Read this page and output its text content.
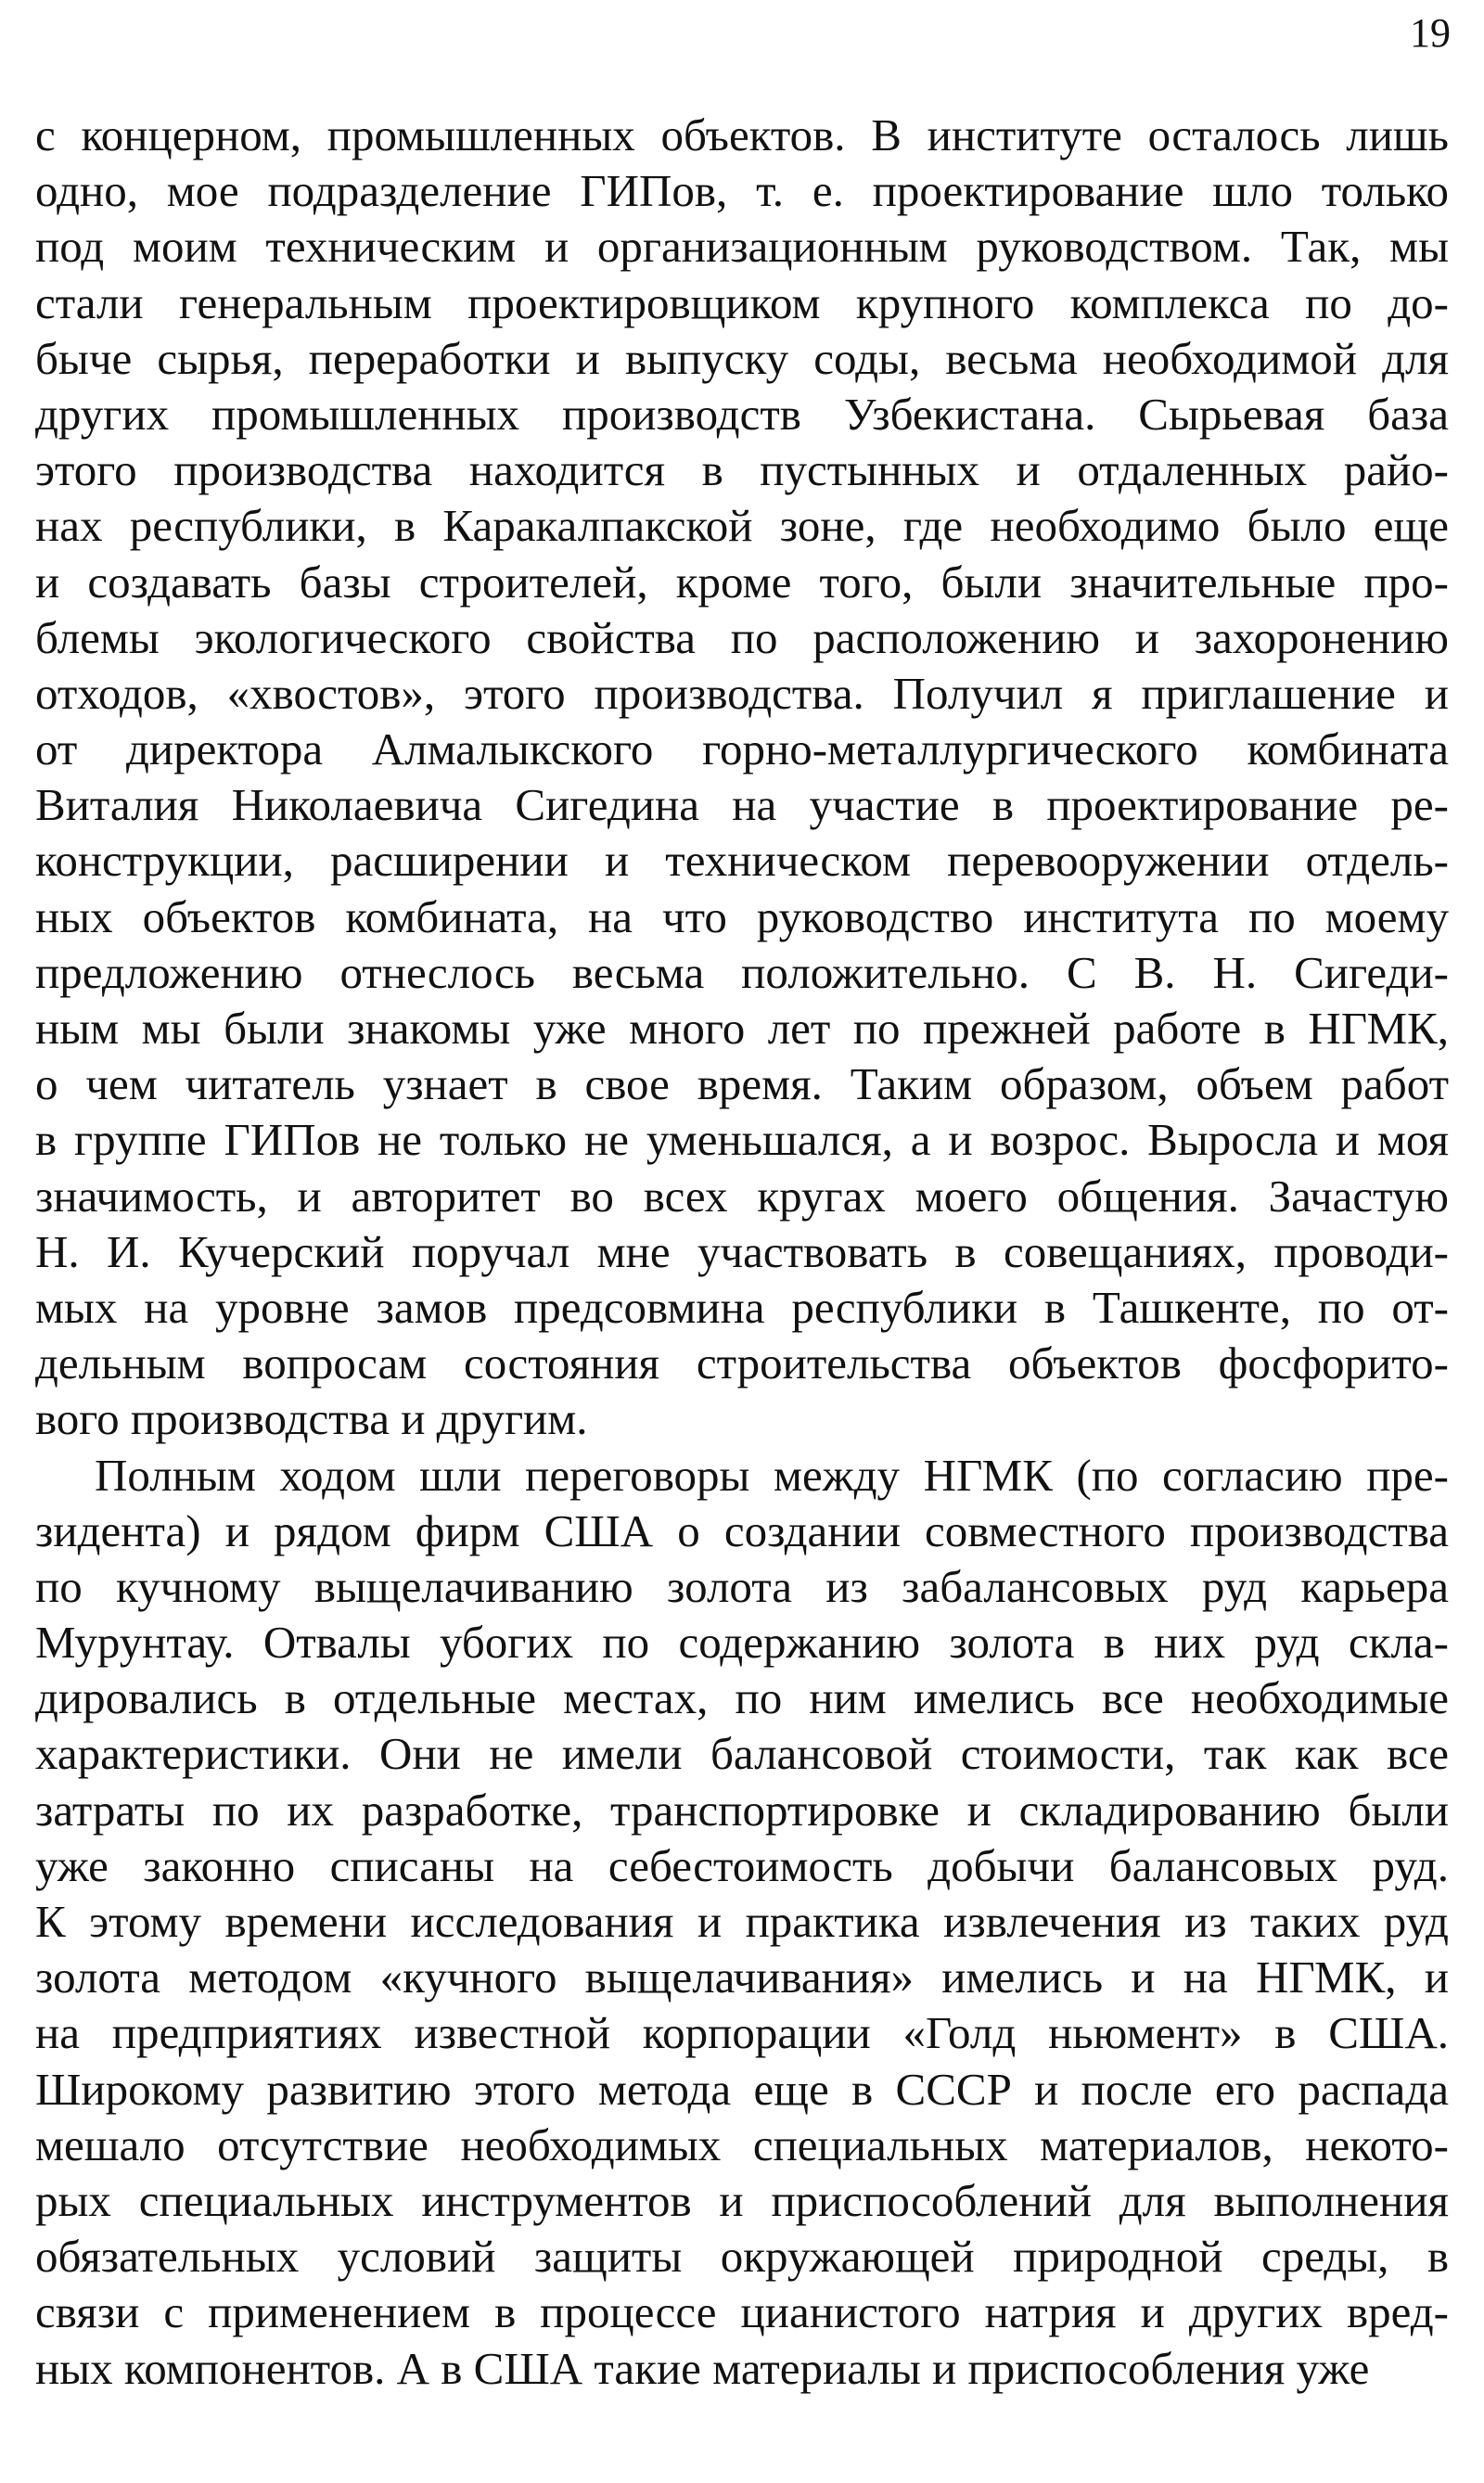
19

с концерном, промышленных объектов. В институте осталось лишь
одно, мое подразделение ГИПов, т. е. проектирование шло только
под моим техническим и организационным руководством. Так, мы
стали генеральным проектировщиком крупного комплекса по до-
быче сырья, переработки и выпуску соды, весьма необходимой для
других промышленных производств Узбекистана. Сырьевая база
этого производства находится в пустынных и отдаленных райо-
нах республики, в Каракалпакской зоне, где необходимо было еще
и создавать базы строителей, кроме того, были значительные про-
блемы экологического свойства по расположению и захоронению
отходов, «хвостов», этого производства. Получил я приглашение и
от директора Алмалыкского горно-металлургического комбината
Виталия Николаевича Сигедина на участие в проектирование ре-
конструкции, расширении и техническом перевооружении отдель-
ных объектов комбината, на что руководство института по моему
предложению отнеслось весьма положительно. С В. Н. Сигеди-
ным мы были знакомы уже много лет по прежней работе в НГМК,
о чем читатель узнает в свое время. Таким образом, объем работ
в группе ГИПов не только не уменьшался, а и возрос. Выросла и моя
значимость, и авторитет во всех кругах моего общения. Зачастую
Н. И. Кучерский поручал мне участвовать в совещаниях, проводи-
мых на уровне замов предсовмина республики в Ташкенте, по от-
дельным вопросам состояния строительства объектов фосфорито-
вого производства и другим.

Полным ходом шли переговоры между НГМК (по согласию пре-
зидента) и рядом фирм США о создании совместного производства
по кучному выщелачиванию золота из забалансовых руд карьера
Мурунтау. Отвалы убогих по содержанию золота в них руд скла-
дировались в отдельные местах, по ним имелись все необходимые
характеристики. Они не имели балансовой стоимости, так как все
затраты по их разработке, транспортировке и складированию были
уже законно списаны на себестоимость добычи балансовых руд.
К этому времени исследования и практика извлечения из таких руд
золота методом «кучного выщелачивания» имелись и на НГМК, и
на предприятиях известной корпорации «Голд ньюмент» в США.
Широкому развитию этого метода еще в СССР и после его распада
мешало отсутствие необходимых специальных материалов, некото-
рых специальных инструментов и приспособлений для выполнения
обязательных условий защиты окружающей природной среды, в
связи с применением в процессе цианистого натрия и других вред-
ных компонентов. А в США такие материалы и приспособления уже
